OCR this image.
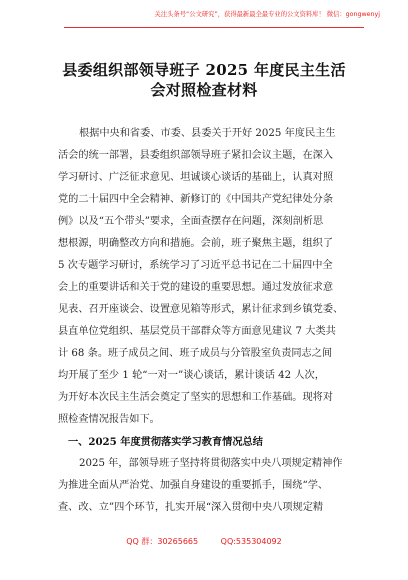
关注头条号“公文研究”，获得最新最全最专业的公文资料库！ 微信：gongwenyj
县委组织部领导班子 2025 年度民主生活
会对照检查材料
根据中央和省委、市委、县委关于开好 2025 年度民主生
活会的统一部署，县委组织部领导班子紧扣会议主题，在深入
学习研讨、广泛征求意见、坦诚谈心谈话的基础上，认真对照
党的二十届四中全会精神、新修订的《中国共产党纪律处分条
例》以及“五个带头”要求，全面查摆存在问题，深刻剖析思
想根源，明确整改方向和措施。会前，班子聚焦主题，组织了
5 次专题学习研讨，系统学习了习近平总书记在二十届四中全
会上的重要讲话和关于党的建设的重要思想。通过发放征求意
见表、召开座谈会、设置意见箱等形式，累计征求到乡镇党委、
县直单位党组织、基层党员干部群众等方面意见建议 7 大类共
计 68 条。班子成员之间、班子成员与分管股室负责同志之间
均开展了至少 1 轮“一对一”谈心谈话，累计谈话 42 人次，
为开好本次民主生活会奠定了坚实的思想和工作基础。现将对
照检查情况报告如下。
一、2025 年度贯彻落实学习教育情况总结
2025 年，部领导班子坚持将贯彻落实中央八项规定精神作
为推进全面从严治党、加强自身建设的重要抓手，围绕“学、
查、改、立”四个环节，扎实开展“深入贯彻中央八项规定精
QQ 群：30265665	QQ:535304092
